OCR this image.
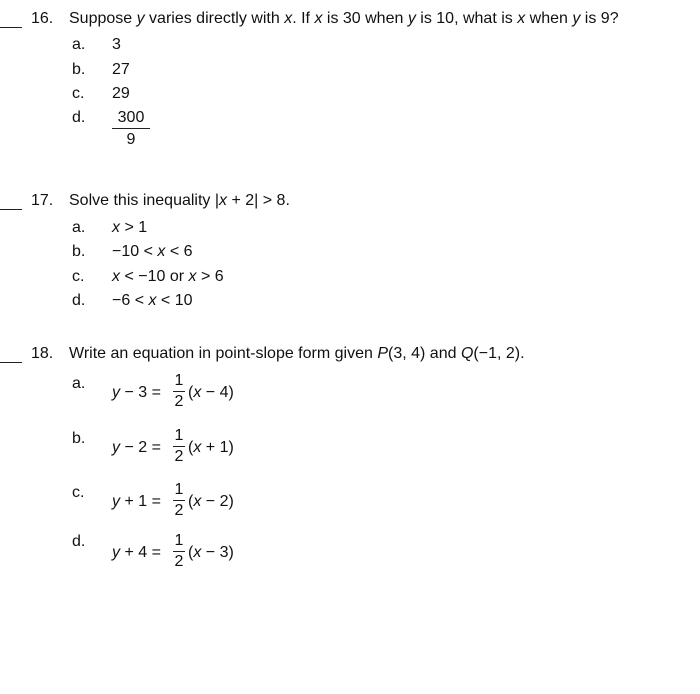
16. Suppose y varies directly with x. If x is 30 when y is 10, what is x when y is 9?
a. 3
b. 27
c. 29
d.	300
9
17. Solve this inequality |x + 2| > 8.
a. x > 1
b. −10 < x < 6
c. x < −10 or x > 6
d. −6 < x < 10
18. Write an equation in point-slope form given P(3, 4) and Q(−1, 2).
a.
y − 3 =
1
2
(x − 4)
b.
y − 2 =
1
2
(x + 1)
c.
y + 1 =
1
2
(x − 2)
d.
y + 4 =
1
2
(x − 3)
